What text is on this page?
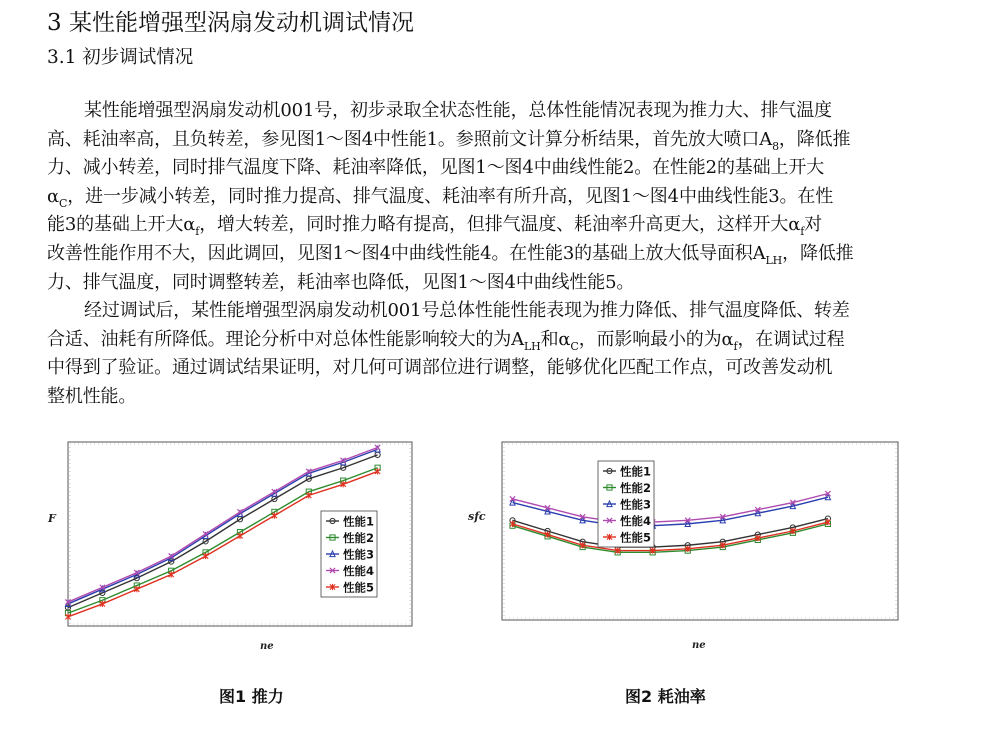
3 某性能增强型涡扇发动机调试情况
3.1 初步调试情况
某性能增强型涡扇发动机001号，初步录取全状态性能，总体性能情况表现为推力大、排气温度
高、耗油率高，且负转差，参见图1～图4中性能1。参照前文计算分析结果，首先放大喷口$A_8$，降低推
力、减小转差，同时排气温度下降、耗油率降低，见图1～图4中曲线性能2。在性能2的基础上开大
$\alpha_C$，进一步减小转差，同时推力提高、排气温度、耗油率有所升高，见图1～图4中曲线性能3。在性
能3的基础上开大$\alpha_f$，增大转差，同时推力略有提高，但排气温度、耗油率升高更大，这样开大$\alpha_f$对
改善性能作用不大，因此调回，见图1～图4中曲线性能4。在性能3的基础上放大低导面积$A_{LH}$，降低推
力、排气温度，同时调整转差，耗油率也降低，见图1～图4中曲线性能5。
经过调试后，某性能增强型涡扇发动机001号总体性能性能表现为推力降低、排气温度降低、转差
合适、油耗有所降低。理论分析中对总体性能影响较大的为$A_{LH}$和$\alpha_C$，而影响最小的为$\alpha_f$，在调试过程
中得到了验证。通过调试结果证明，对几何可调部位进行调整，能够优化匹配工作点，可改善发动机
整机性能。
性能1
性能2
性能3
性能4
性能5
F
ne
性能1
性能2
性能3
性能4
性能5
sfc
ne
图1 推力	图2 耗油率
